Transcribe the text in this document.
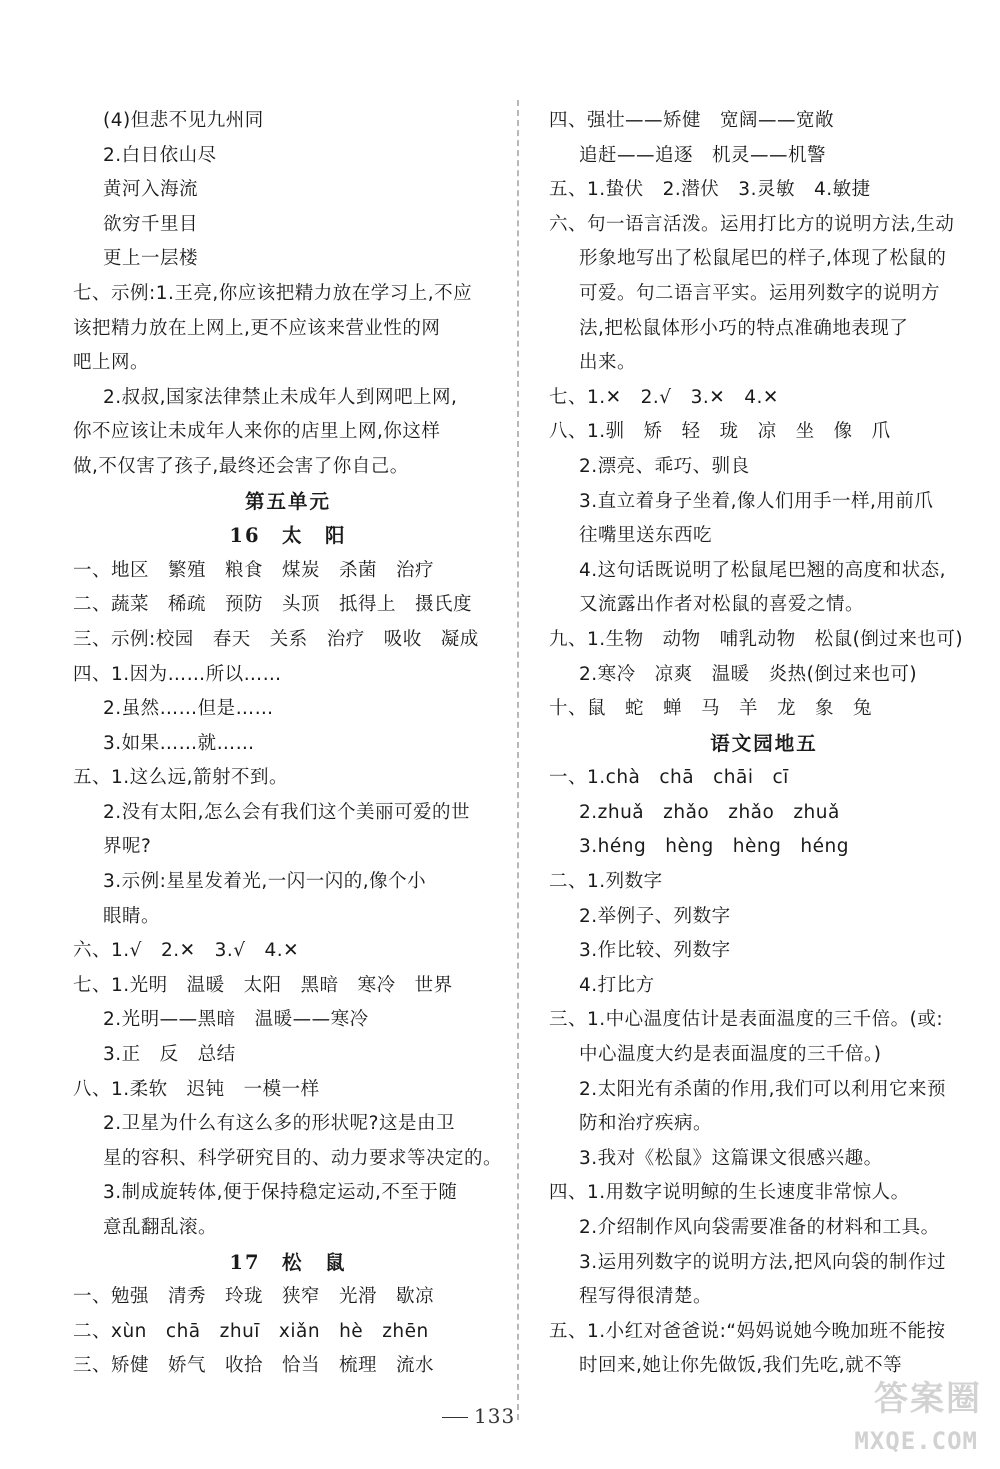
(4)但悲不见九州同
2.白日依山尽
黄河入海流
欲穷千里目
更上一层楼
七、示例:1.王亮,你应该把精力放在学习上,不应
该把精力放在上网上,更不应该来营业性的网
吧上网。
2.叔叔,国家法律禁止未成年人到网吧上网,
你不应该让未成年人来你的店里上网,你这样
做,不仅害了孩子,最终还会害了你自己。
第五单元
16　太　阳
一、地区　繁殖　粮食　煤炭　杀菌　治疗
二、蔬菜　稀疏　预防　头顶　抵得上　摄氏度
三、示例:校园　春天　关系　治疗　吸收　凝成
四、1.因为……所以……
2.虽然……但是……
3.如果……就……
五、1.这么远,箭射不到。
2.没有太阳,怎么会有我们这个美丽可爱的世
界呢?
3.示例:星星发着光,一闪一闪的,像个小
眼睛。
六、1.√　2.✕　3.√　4.✕
七、1.光明　温暖　太阳　黑暗　寒冷　世界
2.光明——黑暗　温暖——寒冷
3.正　反　总结
八、1.柔软　迟钝　一模一样
2.卫星为什么有这么多的形状呢?这是由卫
星的容积、科学研究目的、动力要求等决定的。
3.制成旋转体,便于保持稳定运动,不至于随
意乱翻乱滚。
17　松　鼠
一、勉强　清秀　玲珑　狭窄　光滑　歇凉
二、xùn　chā　zhuī　xiǎn　hè　zhēn
三、矫健　娇气　收拾　恰当　梳理　流水
四、强壮——矫健　宽阔——宽敞
追赶——追逐　机灵——机警
五、1.蛰伏　2.潜伏　3.灵敏　4.敏捷
六、句一语言活泼。运用打比方的说明方法,生动
形象地写出了松鼠尾巴的样子,体现了松鼠的
可爱。句二语言平实。运用列数字的说明方
法,把松鼠体形小巧的特点准确地表现了
出来。
七、1.✕　2.√　3.✕　4.✕
八、1.驯　矫　轻　珑　凉　坐　像　爪
2.漂亮、乖巧、驯良
3.直立着身子坐着,像人们用手一样,用前爪
往嘴里送东西吃
4.这句话既说明了松鼠尾巴翘的高度和状态,
又流露出作者对松鼠的喜爱之情。
九、1.生物　动物　哺乳动物　松鼠(倒过来也可)
2.寒冷　凉爽　温暖　炎热(倒过来也可)
十、鼠　蛇　蝉　马　羊　龙　象　兔
语文园地五
一、1.chà　chā　chāi　cī
2.zhuǎ　zhǎo　zhǎo　zhuǎ
3.héng　hèng　hèng　héng
二、1.列数字
2.举例子、列数字
3.作比较、列数字
4.打比方
三、1.中心温度估计是表面温度的三千倍。(或:
中心温度大约是表面温度的三千倍。)
2.太阳光有杀菌的作用,我们可以利用它来预
防和治疗疾病。
3.我对《松鼠》这篇课文很感兴趣。
四、1.用数字说明鲸的生长速度非常惊人。
2.介绍制作风向袋需要准备的材料和工具。
3.运用列数字的说明方法,把风向袋的制作过
程写得很清楚。
五、1.小红对爸爸说:“妈妈说她今晚加班不能按
时回来,她让你先做饭,我们先吃,就不等
133	答案圈
MXQE.COM
